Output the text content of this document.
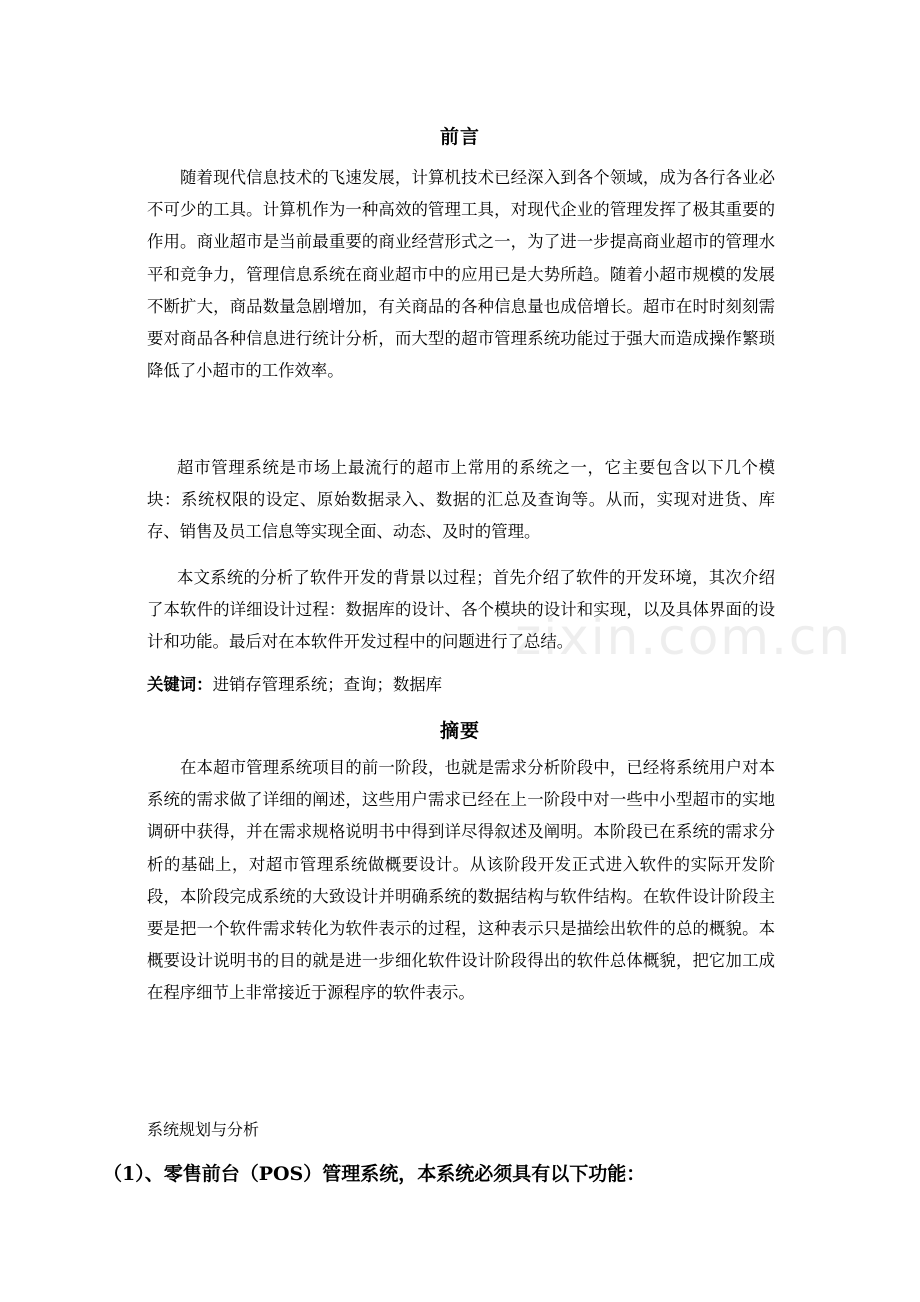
前言

随着现代信息技术的飞速发展，计算机技术已经深入到各个领域，成为各行各业必不可少的工具。计算机作为一种高效的管理工具，对现代企业的管理发挥了极其重要的作用。商业超市是当前最重要的商业经营形式之一，为了进一步提高商业超市的管理水平和竞争力，管理信息系统在商业超市中的应用已是大势所趋。随着小超市规模的发展不断扩大，商品数量急剧增加，有关商品的各种信息量也成倍增长。超市在时时刻刻需要对商品各种信息进行统计分析，而大型的超市管理系统功能过于强大而造成操作繁琐降低了小超市的工作效率。

超市管理系统是市场上最流行的超市上常用的系统之一，它主要包含以下几个模块：系统权限的设定、原始数据录入、数据的汇总及查询等。从而，实现对进货、库存、销售及员工信息等实现全面、动态、及时的管理。

本文系统的分析了软件开发的背景以过程；首先介绍了软件的开发环境，其次介绍了本软件的详细设计过程：数据库的设计、各个模块的设计和实现，以及具体界面的设计和功能。最后对在本软件开发过程中的问题进行了总结。

关键词：进销存管理系统；查询；数据库
摘要

在本超市管理系统项目的前一阶段，也就是需求分析阶段中，已经将系统用户对本系统的需求做了详细的阐述，这些用户需求已经在上一阶段中对一些中小型超市的实地调研中获得，并在需求规格说明书中得到详尽得叙述及阐明。本阶段已在系统的需求分析的基础上，对超市管理系统做概要设计。从该阶段开发正式进入软件的实际开发阶段，本阶段完成系统的大致设计并明确系统的数据结构与软件结构。在软件设计阶段主要是把一个软件需求转化为软件表示的过程，这种表示只是描绘出软件的总的概貌。本概要设计说明书的目的就是进一步细化软件设计阶段得出的软件总体概貌，把它加工成在程序细节上非常接近于源程序的软件表示。

系统规划与分析
（1）、零售前台（POS）管理系统，本系统必须具有以下功能：
zixin.com.cn
